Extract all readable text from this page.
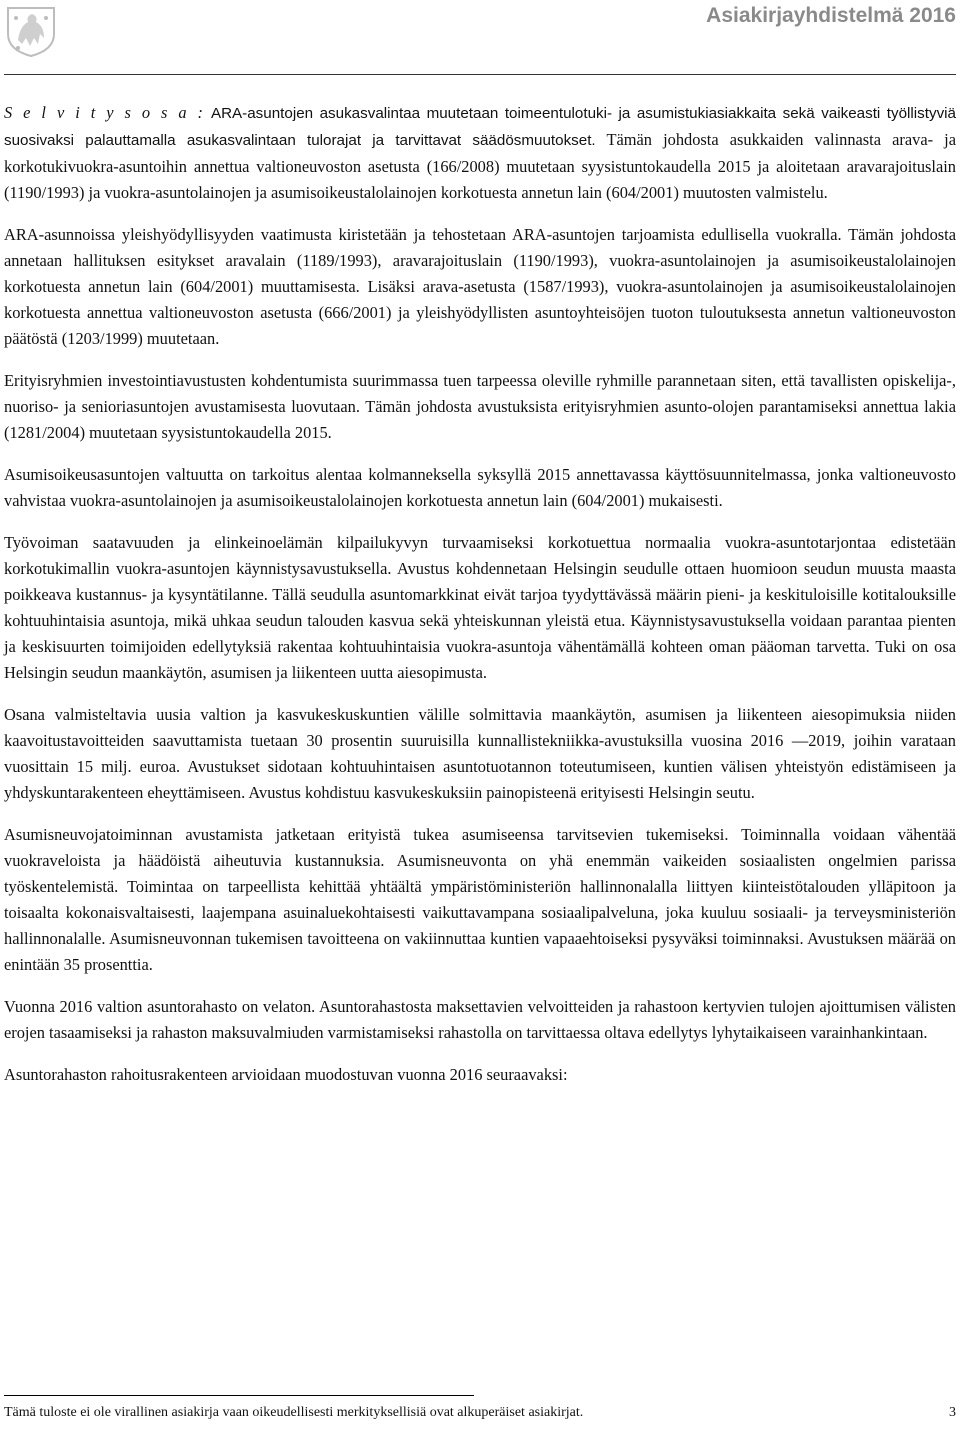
Asiakirjayhdistelmä 2016

S e l v i t y s o s a : ARA-asuntojen asukasvalintaa muutetaan toimeentulotuki- ja asumistukiasiakkaita sekä vaikeasti työllistyviä suosivaksi palauttamalla asukasvalintaan tulorajat ja tarvittavat säädösmuutokset. Tämän johdosta asukkaiden valinnasta arava- ja korkotukivuokra-asuntoihin annettua valtioneuvoston asetusta (166/2008) muutetaan syysistuntokaudella 2015 ja aloitetaan aravarajoituslain (1190/1993) ja vuokra-asuntolainojen ja asumisoikeustalolainojen korkotuesta annetun lain (604/2001) muutosten valmistelu.

ARA-asunnoissa yleishyödyllisyyden vaatimusta kiristetään ja tehostetaan ARA-asuntojen tarjoamista edullisella vuokralla. Tämän johdosta annetaan hallituksen esitykset aravalain (1189/1993), aravarajoituslain (1190/1993), vuokra-asuntolainojen ja asumisoikeustalolainojen korkotuesta annetun lain (604/2001) muuttamisesta. Lisäksi arava-asetusta (1587/1993), vuokra-asuntolainojen ja asumisoikeustalolainojen korkotuesta annettua valtioneuvoston asetusta (666/2001) ja yleishyödyllisten asuntoyhteisöjen tuoton tuloutuksesta annetun valtioneuvoston päätöstä (1203/1999) muutetaan.

Erityisryhmien investointiavustusten kohdentumista suurimmassa tuen tarpeessa oleville ryhmille parannetaan siten, että tavallisten opiskelija-, nuoriso- ja senioriasuntojen avustamisesta luovutaan. Tämän johdosta avustuksista erityisryhmien asunto-olojen parantamiseksi annettua lakia (1281/2004) muutetaan syysistuntokaudella 2015.

Asumisoikeusasuntojen valtuutta on tarkoitus alentaa kolmanneksella syksyllä 2015 annettavassa käyttösuunnitelmassa, jonka valtioneuvosto vahvistaa vuokra-asuntolainojen ja asumisoikeustalolainojen korkotuesta annetun lain (604/2001) mukaisesti.

Työvoiman saatavuuden ja elinkeinoelämän kilpailukyvyn turvaamiseksi korkotuettua normaalia vuokra-asuntotarjontaa edistetään korkotukimallin vuokra-asuntojen käynnistysavustuksella. Avustus kohdennetaan Helsingin seudulle ottaen huomioon seudun muusta maasta poikkeava kustannus- ja kysyntätilanne. Tällä seudulla asuntomarkkinat eivät tarjoa tyydyttävässä määrin pieni- ja keskituloisille kotitalouksille kohtuuhintaisia asuntoja, mikä uhkaa seudun talouden kasvua sekä yhteiskunnan yleistä etua. Käynnistysavustuksella voidaan parantaa pienten ja keskisuurten toimijoiden edellytyksiä rakentaa kohtuuhintaisia vuokra-asuntoja vähentämällä kohteen oman pääoman tarvetta. Tuki on osa Helsingin seudun maankäytön, asumisen ja liikenteen uutta aiesopimusta.

Osana valmisteltavia uusia valtion ja kasvukeskuskuntien välille solmittavia maankäytön, asumisen ja liikenteen aiesopimuksia niiden kaavoitustavoitteiden saavuttamista tuetaan 30 prosentin suuruisilla kunnallistekniikka-avustuksilla vuosina 2016 —2019, joihin varataan vuosittain 15 milj. euroa. Avustukset sidotaan kohtuuhintaisen asuntotuotannon toteutumiseen, kuntien välisen yhteistyön edistämiseen ja yhdyskuntarakenteen eheyttämiseen. Avustus kohdistuu kasvukeskuksiin painopisteenä erityisesti Helsingin seutu.

Asumisneuvojatoiminnan avustamista jatketaan erityistä tukea asumiseensa tarvitsevien tukemiseksi. Toiminnalla voidaan vähentää vuokraveloista ja häädöistä aiheutuvia kustannuksia. Asumisneuvonta on yhä enemmän vaikeiden sosiaalisten ongelmien parissa työskentelemistä. Toimintaa on tarpeellista kehittää yhtäältä ympäristöministeriön hallinnonalalla liittyen kiinteistötalouden ylläpitoon ja toisaalta kokonaisvaltaisesti, laajempana asuinaluekohtaisesti vaikuttavampana sosiaalipalveluna, joka kuuluu sosiaali- ja terveysministeriön hallinnonalalle. Asumisneuvonnan tukemisen tavoitteena on vakiinnuttaa kuntien vapaaehtoiseksi pysyväksi toiminnaksi. Avustuksen määrää on enintään 35 prosenttia.

Vuonna 2016 valtion asuntorahasto on velaton. Asuntorahastosta maksettavien velvoitteiden ja rahastoon kertyvien tulojen ajoittumisen välisten erojen tasaamiseksi ja rahaston maksuvalmiuden varmistamiseksi rahastolla on tarvittaessa oltava edellytys lyhytaikaiseen varainhankintaan.

Asuntorahaston rahoitusrakenteen arvioidaan muodostuvan vuonna 2016 seuraavaksi:

Tämä tuloste ei ole virallinen asiakirja vaan oikeudellisesti merkityksellisiä ovat alkuperäiset asiakirjat.	3
